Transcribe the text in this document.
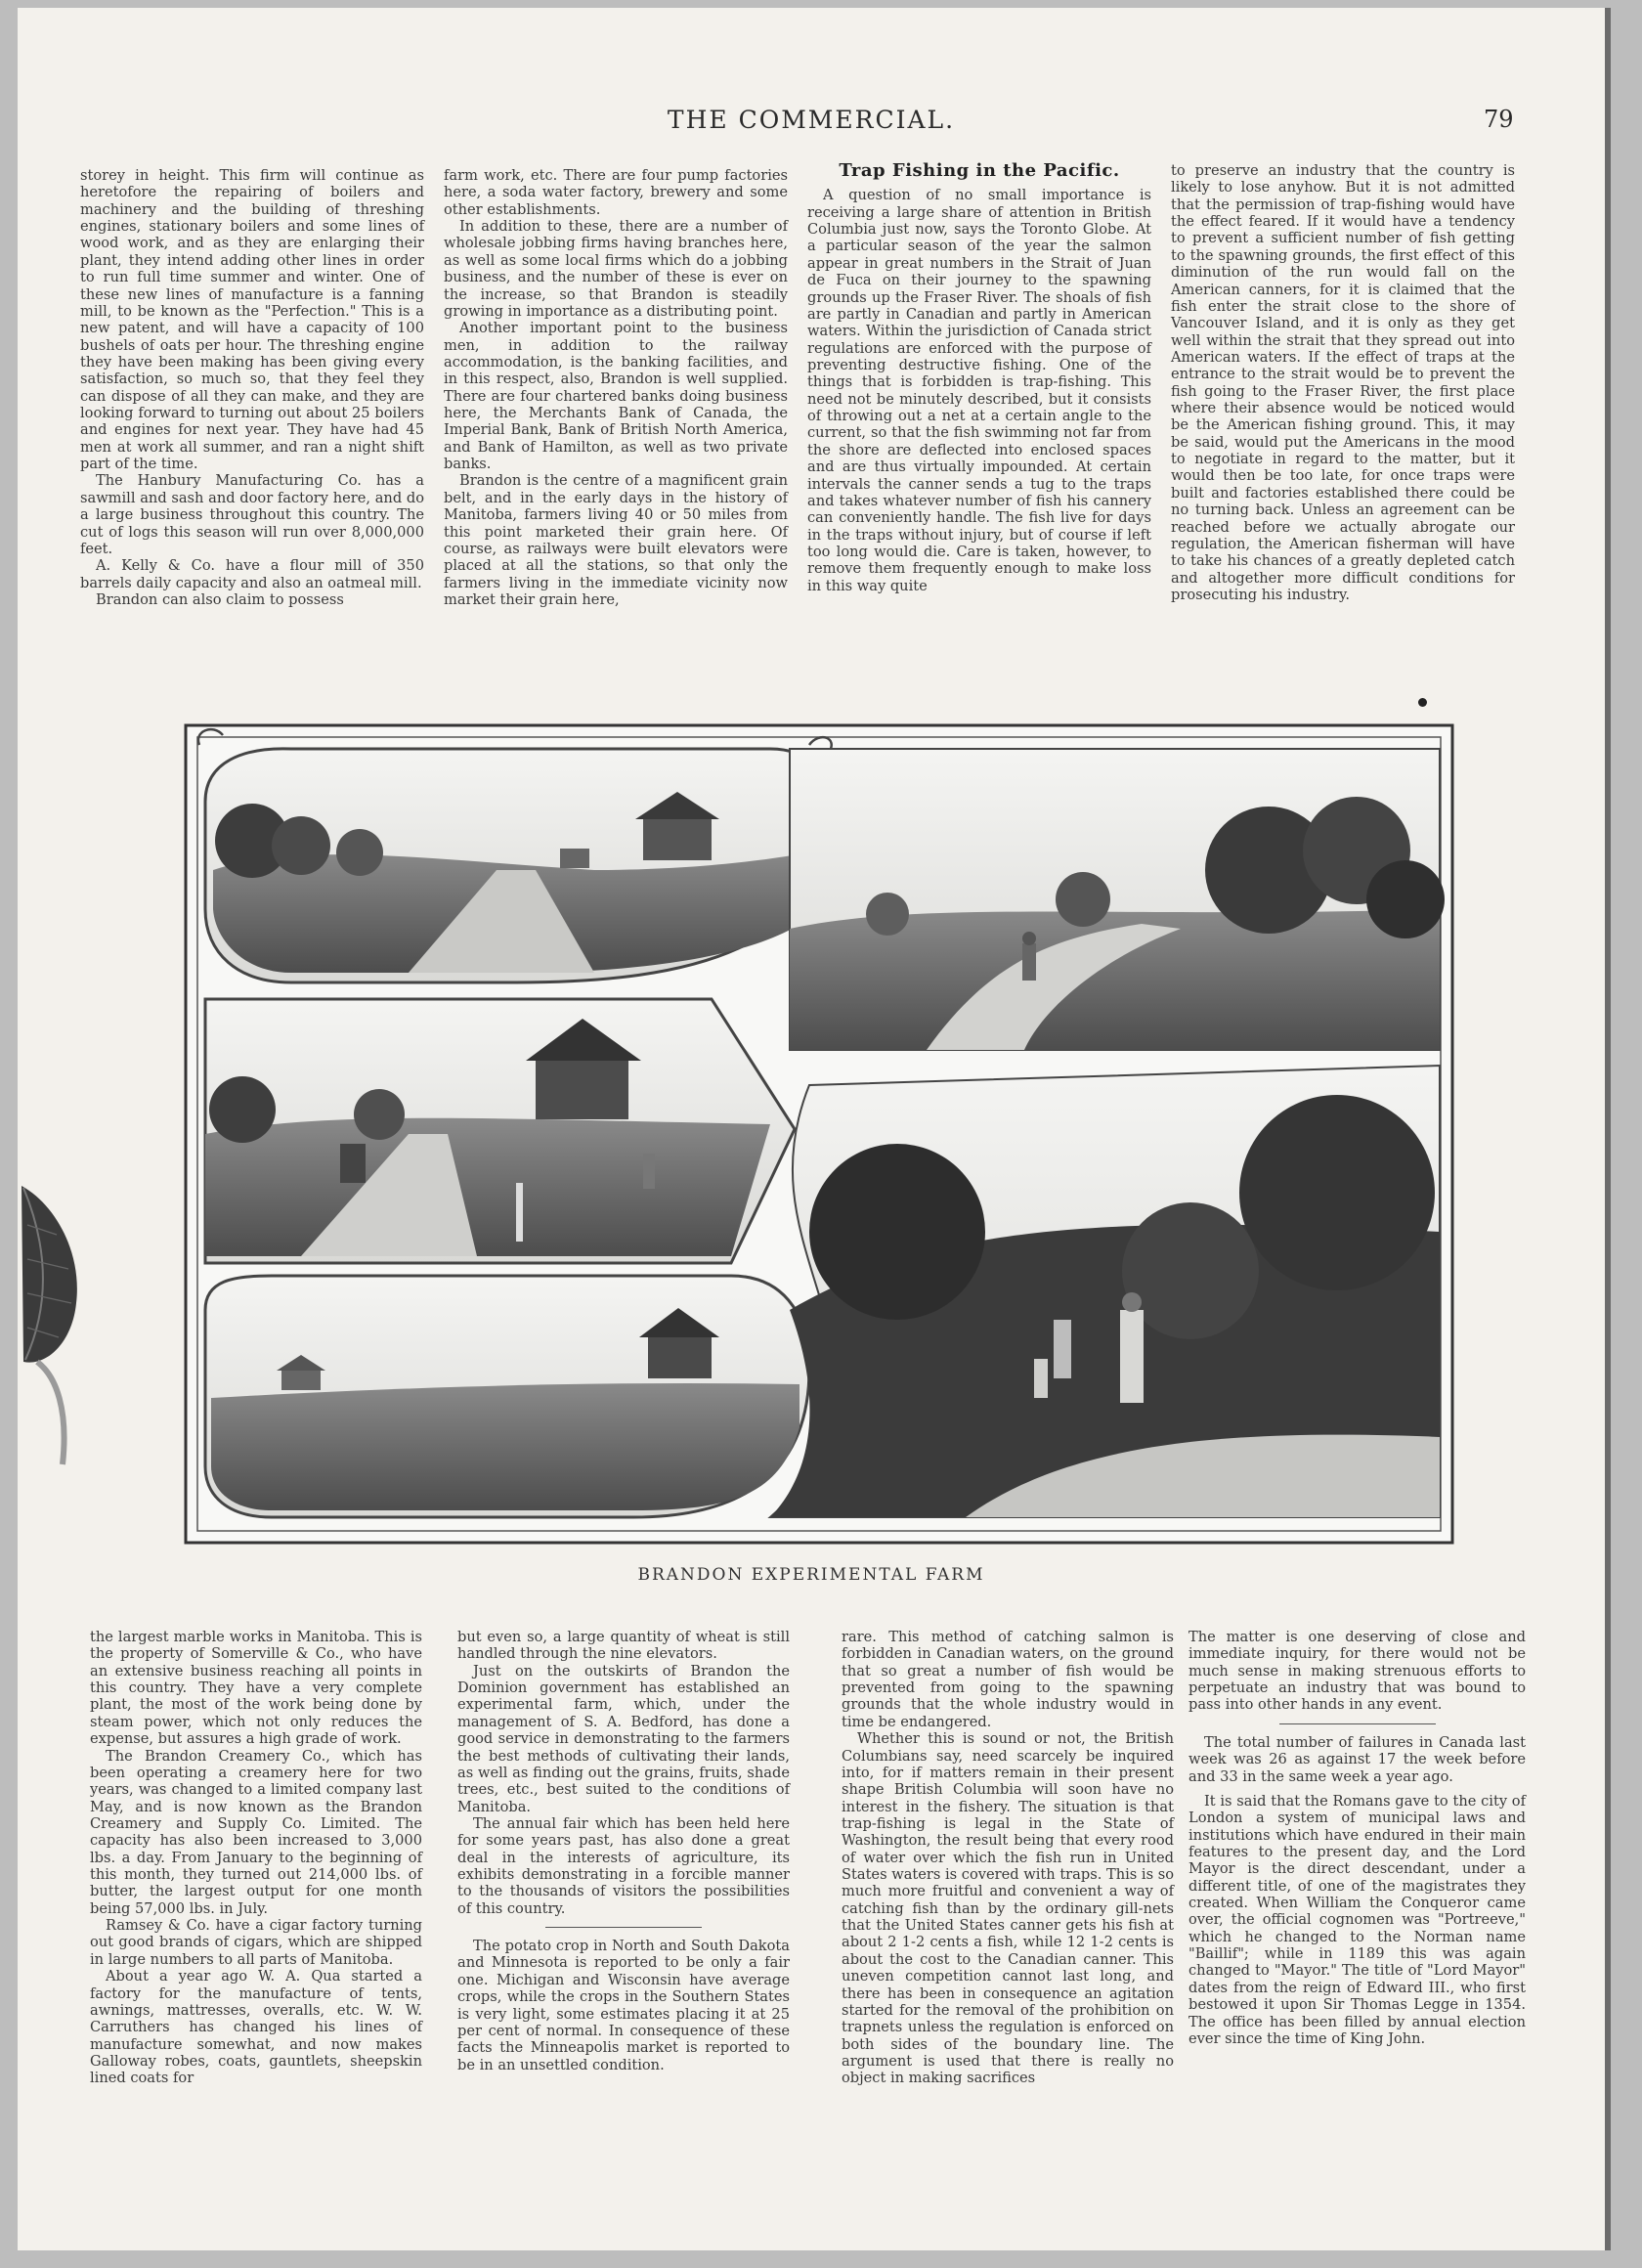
THE COMMERCIAL.	79

storey in height. This firm will continue as heretofore the repairing of boilers and machinery and the building of threshing engines, stationary boilers and some lines of wood work, and as they are enlarging their plant, they intend adding other lines in order to run full time summer and winter. One of these new lines of manufacture is a fanning mill, to be known as the "Perfection." This is a new patent, and will have a capacity of 100 bushels of oats per hour. The threshing engine they have been making has been giving every satisfaction, so much so, that they feel they can dispose of all they can make, and they are looking forward to turning out about 25 boilers and engines for next year. They have had 45 men at work all summer, and ran a night shift part of the time.

The Hanbury Manufacturing Co. has a sawmill and sash and door factory here, and do a large business throughout this country. The cut of logs this season will run over 8,000,000 feet.

A. Kelly & Co. have a flour mill of 350 barrels daily capacity and also an oatmeal mill.

Brandon can also claim to possess

farm work, etc. There are four pump factories here, a soda water factory, brewery and some other establishments.

In addition to these, there are a number of wholesale jobbing firms having branches here, as well as some local firms which do a jobbing business, and the number of these is ever on the increase, so that Brandon is steadily growing in importance as a distributing point.

Another important point to the business men, in addition to the railway accommodation, is the banking facilities, and in this respect, also, Brandon is well supplied. There are four chartered banks doing business here, the Merchants Bank of Canada, the Imperial Bank, Bank of British North America, and Bank of Hamilton, as well as two private banks.

Brandon is the centre of a magnificent grain belt, and in the early days in the history of Manitoba, farmers living 40 or 50 miles from this point marketed their grain here. Of course, as railways were built elevators were placed at all the stations, so that only the farmers living in the immediate vicinity now market their grain here,

Trap Fishing in the Pacific.

A question of no small importance is receiving a large share of attention in British Columbia just now, says the Toronto Globe. At a particular season of the year the salmon appear in great numbers in the Strait of Juan de Fuca on their journey to the spawning grounds up the Fraser River. The shoals of fish are partly in Canadian and partly in American waters. Within the jurisdiction of Canada strict regulations are enforced with the purpose of preventing destructive fishing. One of the things that is forbidden is trap-fishing. This need not be minutely described, but it consists of throwing out a net at a certain angle to the current, so that the fish swimming not far from the shore are deflected into enclosed spaces and are thus virtually impounded. At certain intervals the canner sends a tug to the traps and takes whatever number of fish his cannery can conveniently handle. The fish live for days in the traps without injury, but of course if left too long would die. Care is taken, however, to remove them frequently enough to make loss in this way quite

to preserve an industry that the country is likely to lose anyhow. But it is not admitted that the permission of trap-fishing would have the effect feared. If it would have a tendency to prevent a sufficient number of fish getting to the spawning grounds, the first effect of this diminution of the run would fall on the American canners, for it is claimed that the fish enter the strait close to the shore of Vancouver Island, and it is only as they get well within the strait that they spread out into American waters. If the effect of traps at the entrance to the strait would be to prevent the fish going to the Fraser River, the first place where their absence would be noticed would be the American fishing ground. This, it may be said, would put the Americans in the mood to negotiate in regard to the matter, but it would then be too late, for once traps were built and factories established there could be no turning back. Unless an agreement can be reached before we actually abrogate our regulation, the American fisherman will have to take his chances of a greatly depleted catch and altogether more difficult conditions for prosecuting his industry.

BRANDON EXPERIMENTAL FARM

the largest marble works in Manitoba. This is the property of Somerville & Co., who have an extensive business reaching all points in this country. They have a very complete plant, the most of the work being done by steam power, which not only reduces the expense, but assures a high grade of work.

The Brandon Creamery Co., which has been operating a creamery here for two years, was changed to a limited company last May, and is now known as the Brandon Creamery and Supply Co. Limited. The capacity has also been increased to 3,000 lbs. a day. From January to the beginning of this month, they turned out 214,000 lbs. of butter, the largest output for one month being 57,000 lbs. in July.

Ramsey & Co. have a cigar factory turning out good brands of cigars, which are shipped in large numbers to all parts of Manitoba.

About a year ago W. A. Qua started a factory for the manufacture of tents, awnings, mattresses, overalls, etc. W. W. Carruthers has changed his lines of manufacture somewhat, and now makes Galloway robes, coats, gauntlets, sheepskin lined coats for

but even so, a large quantity of wheat is still handled through the nine elevators.

Just on the outskirts of Brandon the Dominion government has established an experimental farm, which, under the management of S. A. Bedford, has done a good service in demonstrating to the farmers the best methods of cultivating their lands, as well as finding out the grains, fruits, shade trees, etc., best suited to the conditions of Manitoba.

The annual fair which has been held here for some years past, has also done a great deal in the interests of agriculture, its exhibits demonstrating in a forcible manner to the thousands of visitors the possibilities of this country.

The potato crop in North and South Dakota and Minnesota is reported to be only a fair one. Michigan and Wisconsin have average crops, while the crops in the Southern States is very light, some estimates placing it at 25 per cent of normal. In consequence of these facts the Minneapolis market is reported to be in an unsettled condition.

rare. This method of catching salmon is forbidden in Canadian waters, on the ground that so great a number of fish would be prevented from going to the spawning grounds that the whole industry would in time be endangered.

Whether this is sound or not, the British Columbians say, need scarcely be inquired into, for if matters remain in their present shape British Columbia will soon have no interest in the fishery. The situation is that trap-fishing is legal in the State of Washington, the result being that every rood of water over which the fish run in United States waters is covered with traps. This is so much more fruitful and convenient a way of catching fish than by the ordinary gill-nets that the United States canner gets his fish at about 2 1-2 cents a fish, while 12 1-2 cents is about the cost to the Canadian canner. This uneven competition cannot last long, and there has been in consequence an agitation started for the removal of the prohibition on trapnets unless the regulation is enforced on both sides of the boundary line. The argument is used that there is really no object in making sacrifices

The matter is one deserving of close and immediate inquiry, for there would not be much sense in making strenuous efforts to perpetuate an industry that was bound to pass into other hands in any event.

The total number of failures in Canada last week was 26 as against 17 the week before and 33 in the same week a year ago.

It is said that the Romans gave to the city of London a system of municipal laws and institutions which have endured in their main features to the present day, and the Lord Mayor is the direct descendant, under a different title, of one of the magistrates they created. When William the Conqueror came over, the official cognomen was "Portreeve," which he changed to the Norman name "Baillif"; while in 1189 this was again changed to "Mayor." The title of "Lord Mayor" dates from the reign of Edward III., who first bestowed it upon Sir Thomas Legge in 1354. The office has been filled by annual election ever since the time of King John.
